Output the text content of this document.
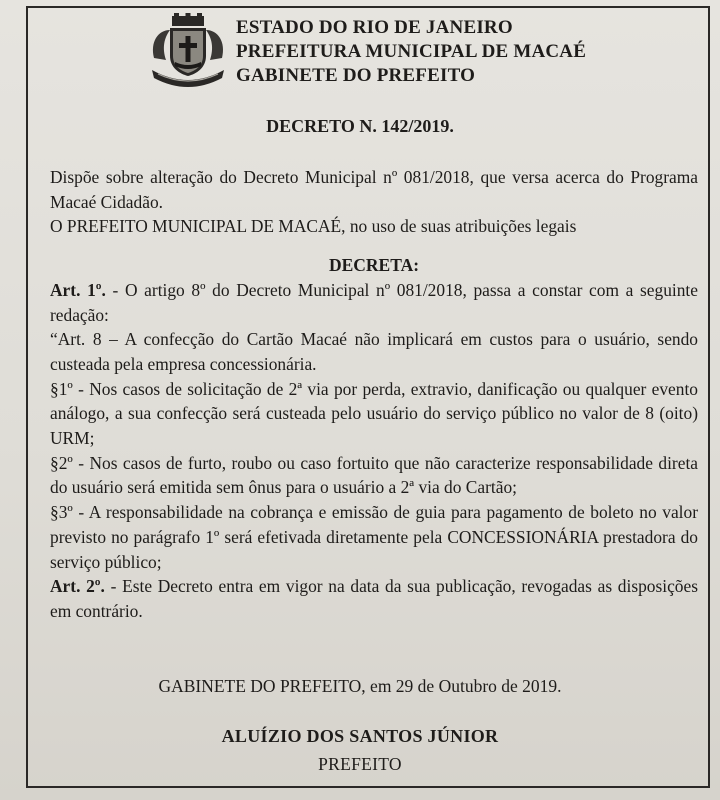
ESTADO DO RIO DE JANEIRO
PREFEITURA MUNICIPAL DE MACAÉ
GABINETE DO PREFEITO
DECRETO N. 142/2019.

Dispõe sobre alteração do Decreto Municipal nº 081/2018, que versa acerca do Programa Macaé Cidadão.

O PREFEITO MUNICIPAL DE MACAÉ, no uso de suas atribuições legais

DECRETA:

Art. 1º. - O artigo 8º do Decreto Municipal nº 081/2018, passa a constar com a seguinte redação:

“Art. 8 – A confecção do Cartão Macaé não implicará em custos para o usuário, sendo custeada pela empresa concessionária.

§1º - Nos casos de solicitação de 2ª via por perda, extravio, danificação ou qualquer evento análogo, a sua confecção será custeada pelo usuário do serviço público no valor de 8 (oito) URM;

§2º - Nos casos de furto, roubo ou caso fortuito que não caracterize responsabilidade direta do usuário será emitida sem ônus para o usuário a 2ª via do Cartão;

§3º - A responsabilidade na cobrança e emissão de guia para pagamento de boleto no valor previsto no parágrafo 1º será efetivada diretamente pela CONCESSIONÁRIA prestadora do serviço público;

Art. 2º. - Este Decreto entra em vigor na data da sua publicação, revogadas as disposições em contrário.

GABINETE DO PREFEITO, em 29 de Outubro de 2019.
ALUÍZIO DOS SANTOS JÚNIOR
PREFEITO
